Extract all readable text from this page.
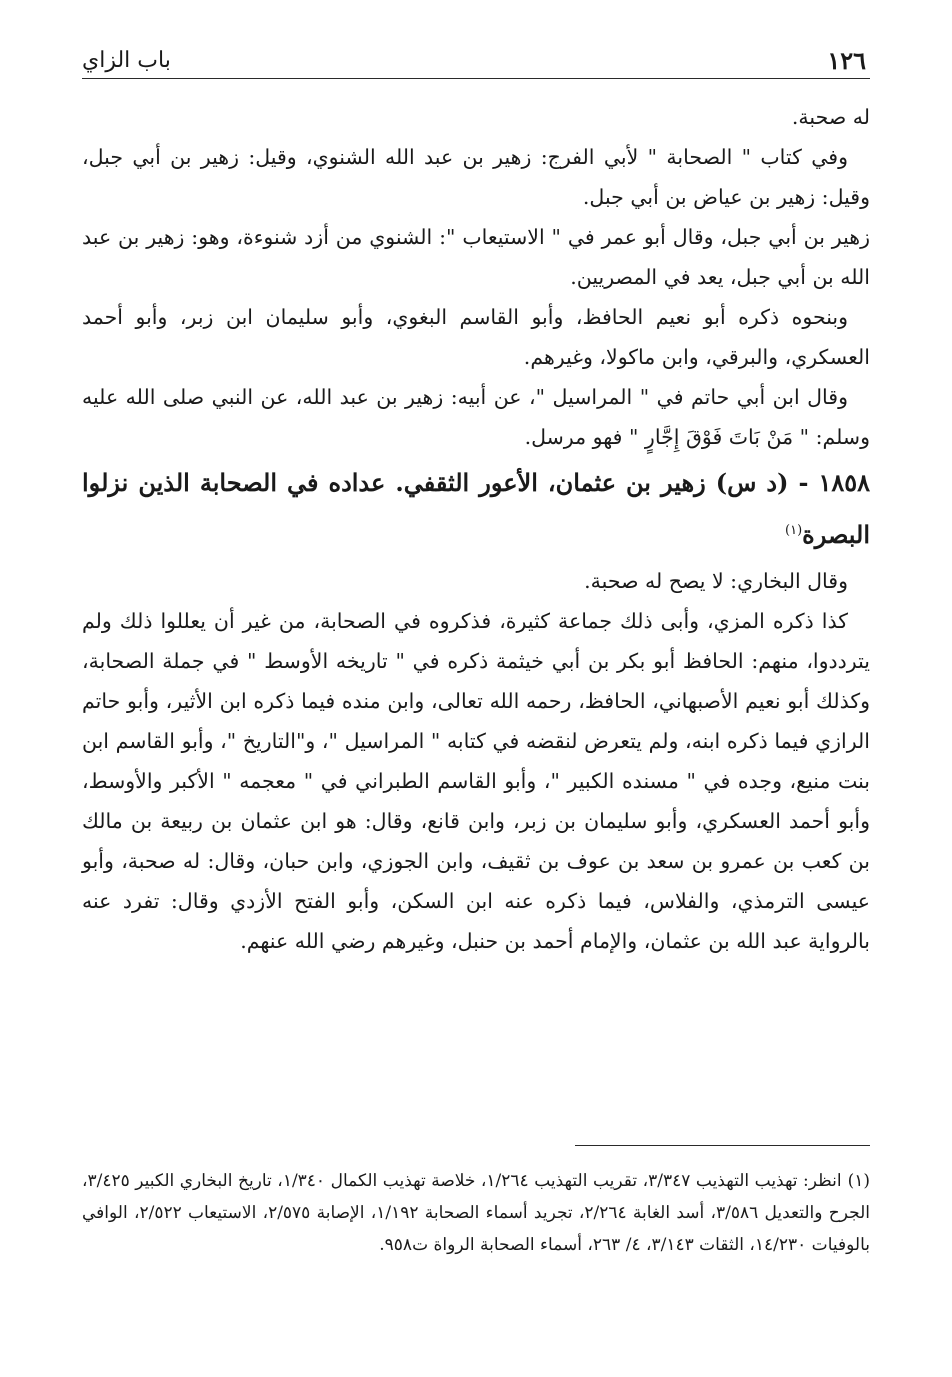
١٢٦
باب الزاي

له صحبة.

وفي كتاب " الصحابة " لأبي الفرج: زهير بن عبد الله الشنوي، وقيل: زهير بن أبي جبل، وقيل: زهير بن عياض بن أبي جبل.

زهير بن أبي جبل، وقال أبو عمر في " الاستيعاب ": الشنوي من أزد شنوءة، وهو: زهير بن عبد الله بن أبي جبل، يعد في المصريين.

وبنحوه ذكره أبو نعيم الحافظ، وأبو القاسم البغوي، وأبو سليمان ابن زبر، وأبو أحمد العسكري، والبرقي، وابن ماكولا، وغيرهم.

وقال ابن أبي حاتم في " المراسيل "، عن أبيه: زهير بن عبد الله، عن النبي صلى الله عليه وسلم: " مَنْ بَاتَ فَوْقَ إِجَّارٍ " فهو مرسل.

١٨٥٨ - (د س) زهير بن عثمان، الأعور الثقفي. عداده في الصحابة الذين نزلوا البصرة$^{(١)}$

وقال البخاري: لا يصح له صحبة.

كذا ذكره المزي، وأبى ذلك جماعة كثيرة، فذكروه في الصحابة، من غير أن يعللوا ذلك ولم يترددوا، منهم: الحافظ أبو بكر بن أبي خيثمة ذكره في " تاريخه الأوسط " في جملة الصحابة، وكذلك أبو نعيم الأصبهاني، الحافظ، رحمه الله تعالى، وابن منده فيما ذكره ابن الأثير، وأبو حاتم الرازي فيما ذكره ابنه، ولم يتعرض لنقضه في كتابه " المراسيل "، و"التاريخ "، وأبو القاسم ابن بنت منيع، وجده في " مسنده الكبير "، وأبو القاسم الطبراني في " معجمه " الأكبر والأوسط، وأبو أحمد العسكري، وأبو سليمان بن زبر، وابن قانع، وقال: هو ابن عثمان بن ربيعة بن مالك بن كعب بن عمرو بن سعد بن عوف بن ثقيف، وابن الجوزي، وابن حبان، وقال: له صحبة، وأبو عيسى الترمذي، والفلاس، فيما ذكره عنه ابن السكن، وأبو الفتح الأزدي وقال: تفرد عنه بالرواية عبد الله بن عثمان، والإمام أحمد بن حنبل، وغيرهم رضي الله عنهم.

(١)انظر: تهذيب التهذيب ٣/٣٤٧، تقريب التهذيب ١/٢٦٤، خلاصة تهذيب الكمال ١/٣٤٠، تاريخ البخاري الكبير ٣/٤٢٥، الجرح والتعديل ٣/٥٨٦، أسد الغابة ٢/٢٦٤، تجريد أسماء الصحابة ١/١٩٢، الإصابة ٢/٥٧٥، الاستيعاب ٢/٥٢٢، الوافي بالوفيات ١٤/٢٣٠، الثقات ٣/١٤٣، ٤/ ٢٦٣، أسماء الصحابة الرواة ت٩٥٨.
